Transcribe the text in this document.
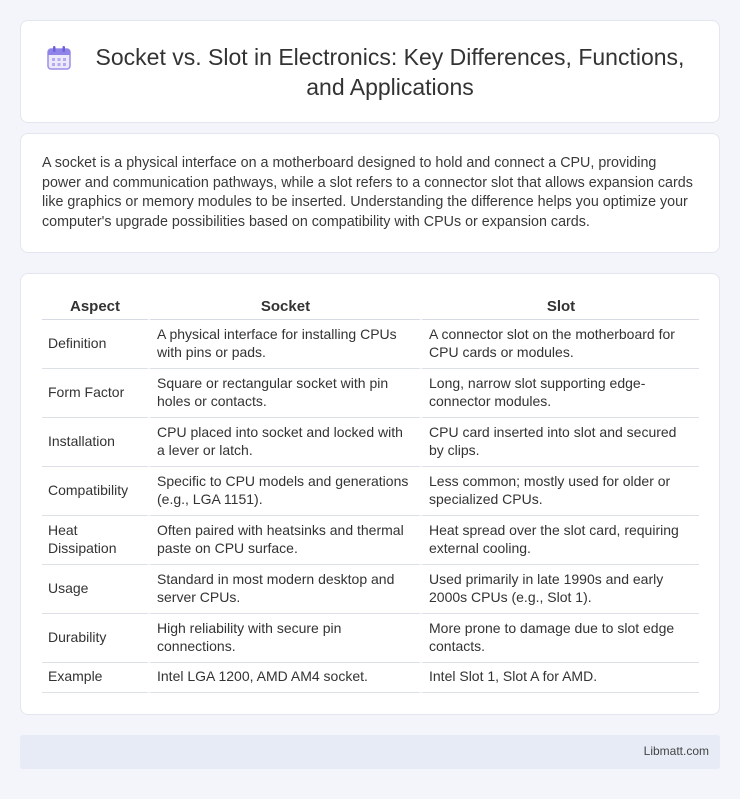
Socket vs. Slot in Electronics: Key Differences, Functions, and Applications

A socket is a physical interface on a motherboard designed to hold and connect a CPU, providing power and communication pathways, while a slot refers to a connector slot that allows expansion cards like graphics or memory modules to be inserted. Understanding the difference helps you optimize your computer's upgrade possibilities based on compatibility with CPUs or expansion cards.

Aspect	Socket	Slot
Definition	A physical interface for installing CPUs with pins or pads.	A connector slot on the motherboard for CPU cards or modules.
Form Factor	Square or rectangular socket with pin holes or contacts.	Long, narrow slot supporting edge-connector modules.
Installation	CPU placed into socket and locked with a lever or latch.	CPU card inserted into slot and secured by clips.
Compatibility	Specific to CPU models and generations (e.g., LGA 1151).	Less common; mostly used for older or specialized CPUs.
Heat Dissipation	Often paired with heatsinks and thermal paste on CPU surface.	Heat spread over the slot card, requiring external cooling.
Usage	Standard in most modern desktop and server CPUs.	Used primarily in late 1990s and early 2000s CPUs (e.g., Slot 1).
Durability	High reliability with secure pin connections.	More prone to damage due to slot edge contacts.
Example	Intel LGA 1200, AMD AM4 socket.	Intel Slot 1, Slot A for AMD.
Libmatt.com
